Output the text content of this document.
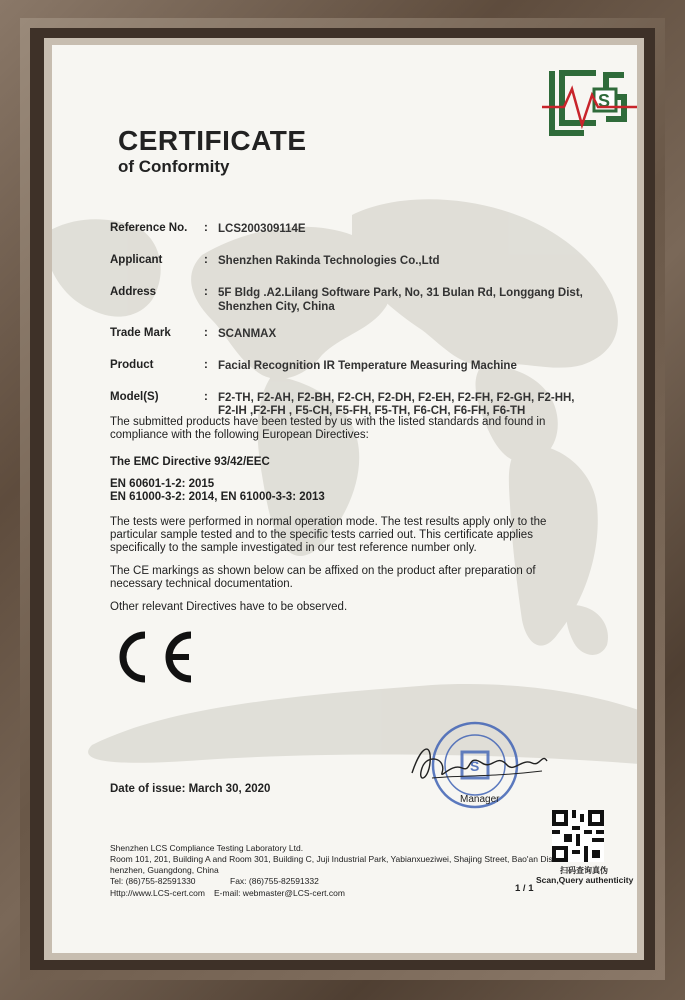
S
CERTIFICATE
of Conformity
Reference No. : LCS200309114E
Applicant	: Shenzhen Rakinda Technologies Co.,Ltd
Address	: 5F Bldg .A2.Lilang Software Park, No, 31 Bulan Rd, Longgang Dist,
Shenzhen City, China
Trade Mark	: SCANMAX
Product	: Facial Recognition IR Temperature Measuring Machine
Model(S)	: F2-TH, F2-AH, F2-BH, F2-CH, F2-DH, F2-EH, F2-FH, F2-GH, F2-HH,
F2-IH ,F2-FH , F5-CH, F5-FH, F5-TH, F6-CH, F6-FH, F6-TH
The submitted products have been tested by us with the listed standards and found in
compliance with the following European Directives:
The EMC Directive 93/42/EEC
EN 60601-1-2: 2015
EN 61000-3-2: 2014, EN 61000-3-3: 2013
The tests were performed in normal operation mode. The test results apply only to the
particular sample tested and to the specific tests carried out. This certificate applies
specifically to the sample investigated in our test reference number only.
The CE markings as shown below can be affixed on the product after preparation of
necessary technical documentation.
Other relevant Directives have to be observed.
S
Manager
Date of issue: March 30, 2020
扫码查询真伪
Scan,Query authenticity
Shenzhen LCS Compliance Testing Laboratory Ltd.
Room 101, 201, Building A and Room 301, Building C, Juji Industrial Park, Yabianxueziwei, Shajing Street, Bao'an Dis
henzhen, Guangdong, China
Tel: (86)755-82591330	Fax: (86)755-82591332
Http://www.LCS-cert.com E-mail: webmaster@LCS-cert.com	1 / 1
